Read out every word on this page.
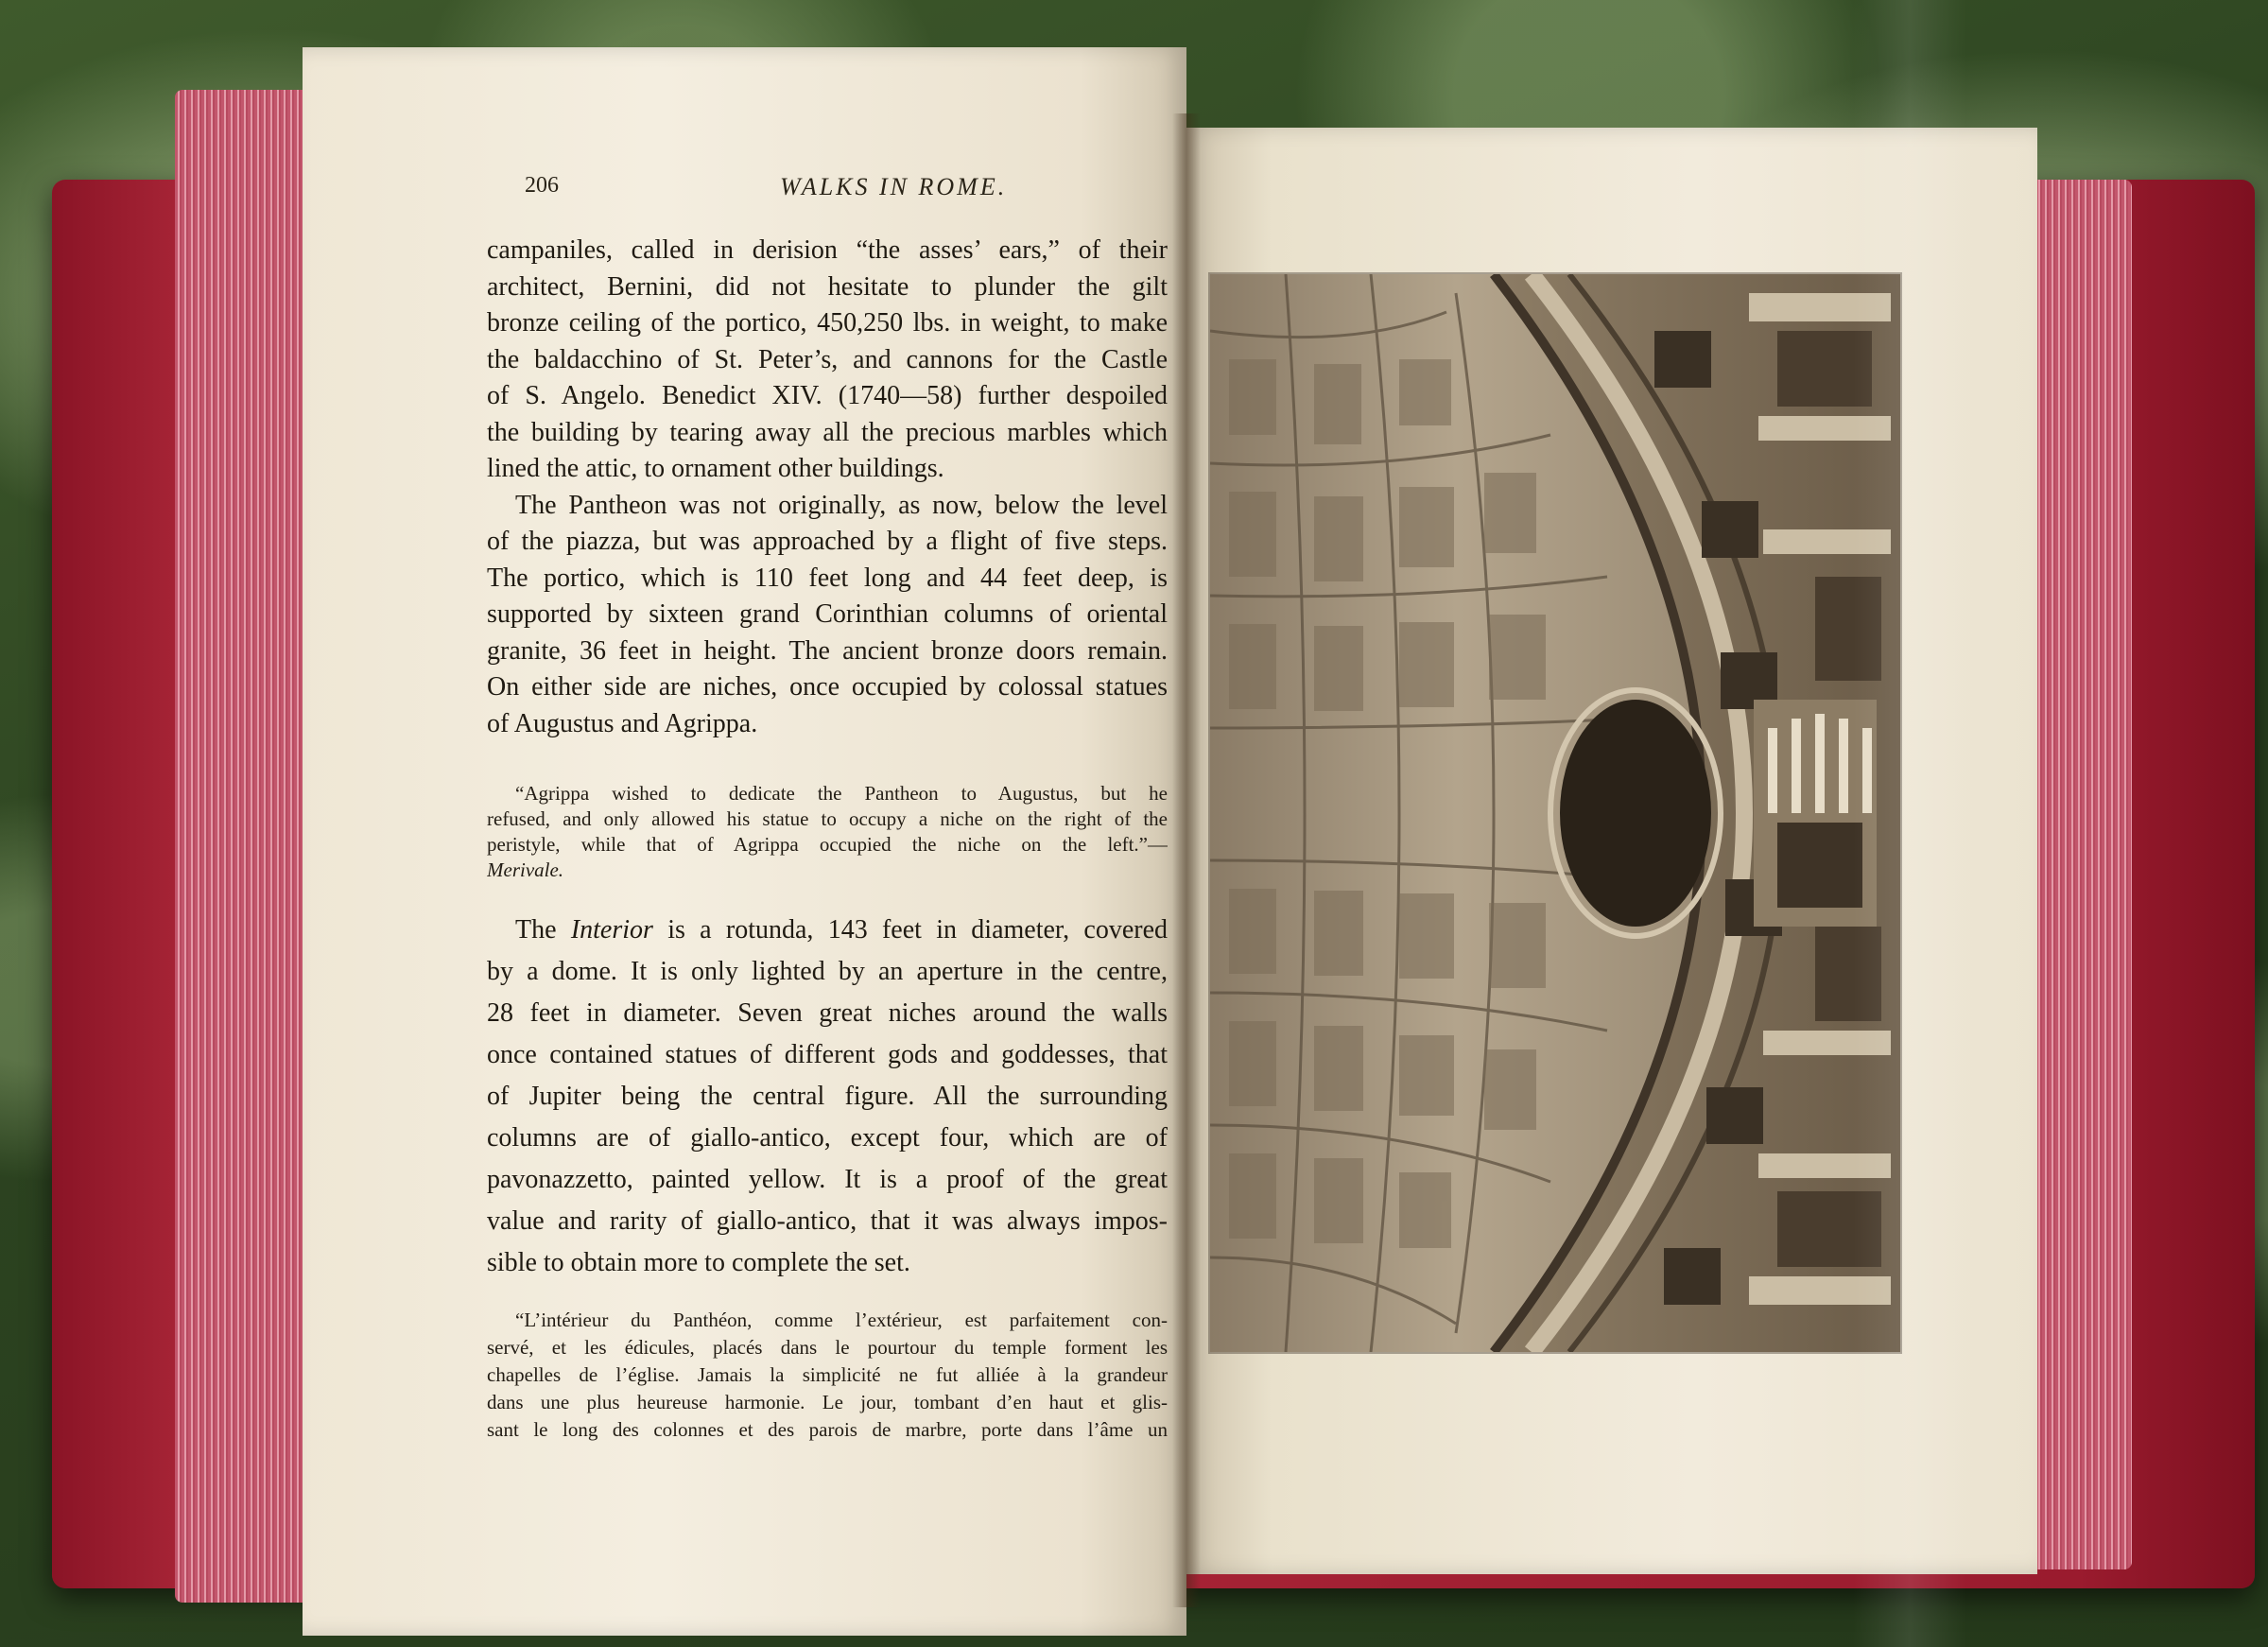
206	WALKS IN ROME.
campaniles, called in derision “the asses’ ears,” of their
architect, Bernini, did not hesitate to plunder the gilt
bronze ceiling of the portico, 450,250 lbs. in weight, to make
the baldacchino of St. Peter’s, and cannons for the Castle
of S. Angelo. Benedict XIV. (1740—58) further despoiled
the building by tearing away all the precious marbles which
lined the attic, to ornament other buildings.
The Pantheon was not originally, as now, below the level
of the piazza, but was approached by a flight of five steps.
The portico, which is 110 feet long and 44 feet deep, is
supported by sixteen grand Corinthian columns of oriental
granite, 36 feet in height. The ancient bronze doors remain.
On either side are niches, once occupied by colossal statues
of Augustus and Agrippa.
“Agrippa wished to dedicate the Pantheon to Augustus, but he
refused, and only allowed his statue to occupy a niche on the right of the
peristyle, while that of Agrippa occupied the niche on the left.”—
Merivale.
The Interior is a rotunda, 143 feet in diameter, covered
by a dome. It is only lighted by an aperture in the centre,
28 feet in diameter. Seven great niches around the walls
once contained statues of different gods and goddesses, that
of Jupiter being the central figure. All the surrounding
columns are of giallo-antico, except four, which are of
pavonazzetto, painted yellow. It is a proof of the great
value and rarity of giallo-antico, that it was always impos-
sible to obtain more to complete the set.
“L’intérieur du Panthéon, comme l’extérieur, est parfaitement con-
servé, et les édicules, placés dans le pourtour du temple forment les
chapelles de l’église. Jamais la simplicité ne fut alliée à la grandeur
dans une plus heureuse harmonie. Le jour, tombant d’en haut et glis-
sant le long des colonnes et des parois de marbre, porte dans l’âme un
